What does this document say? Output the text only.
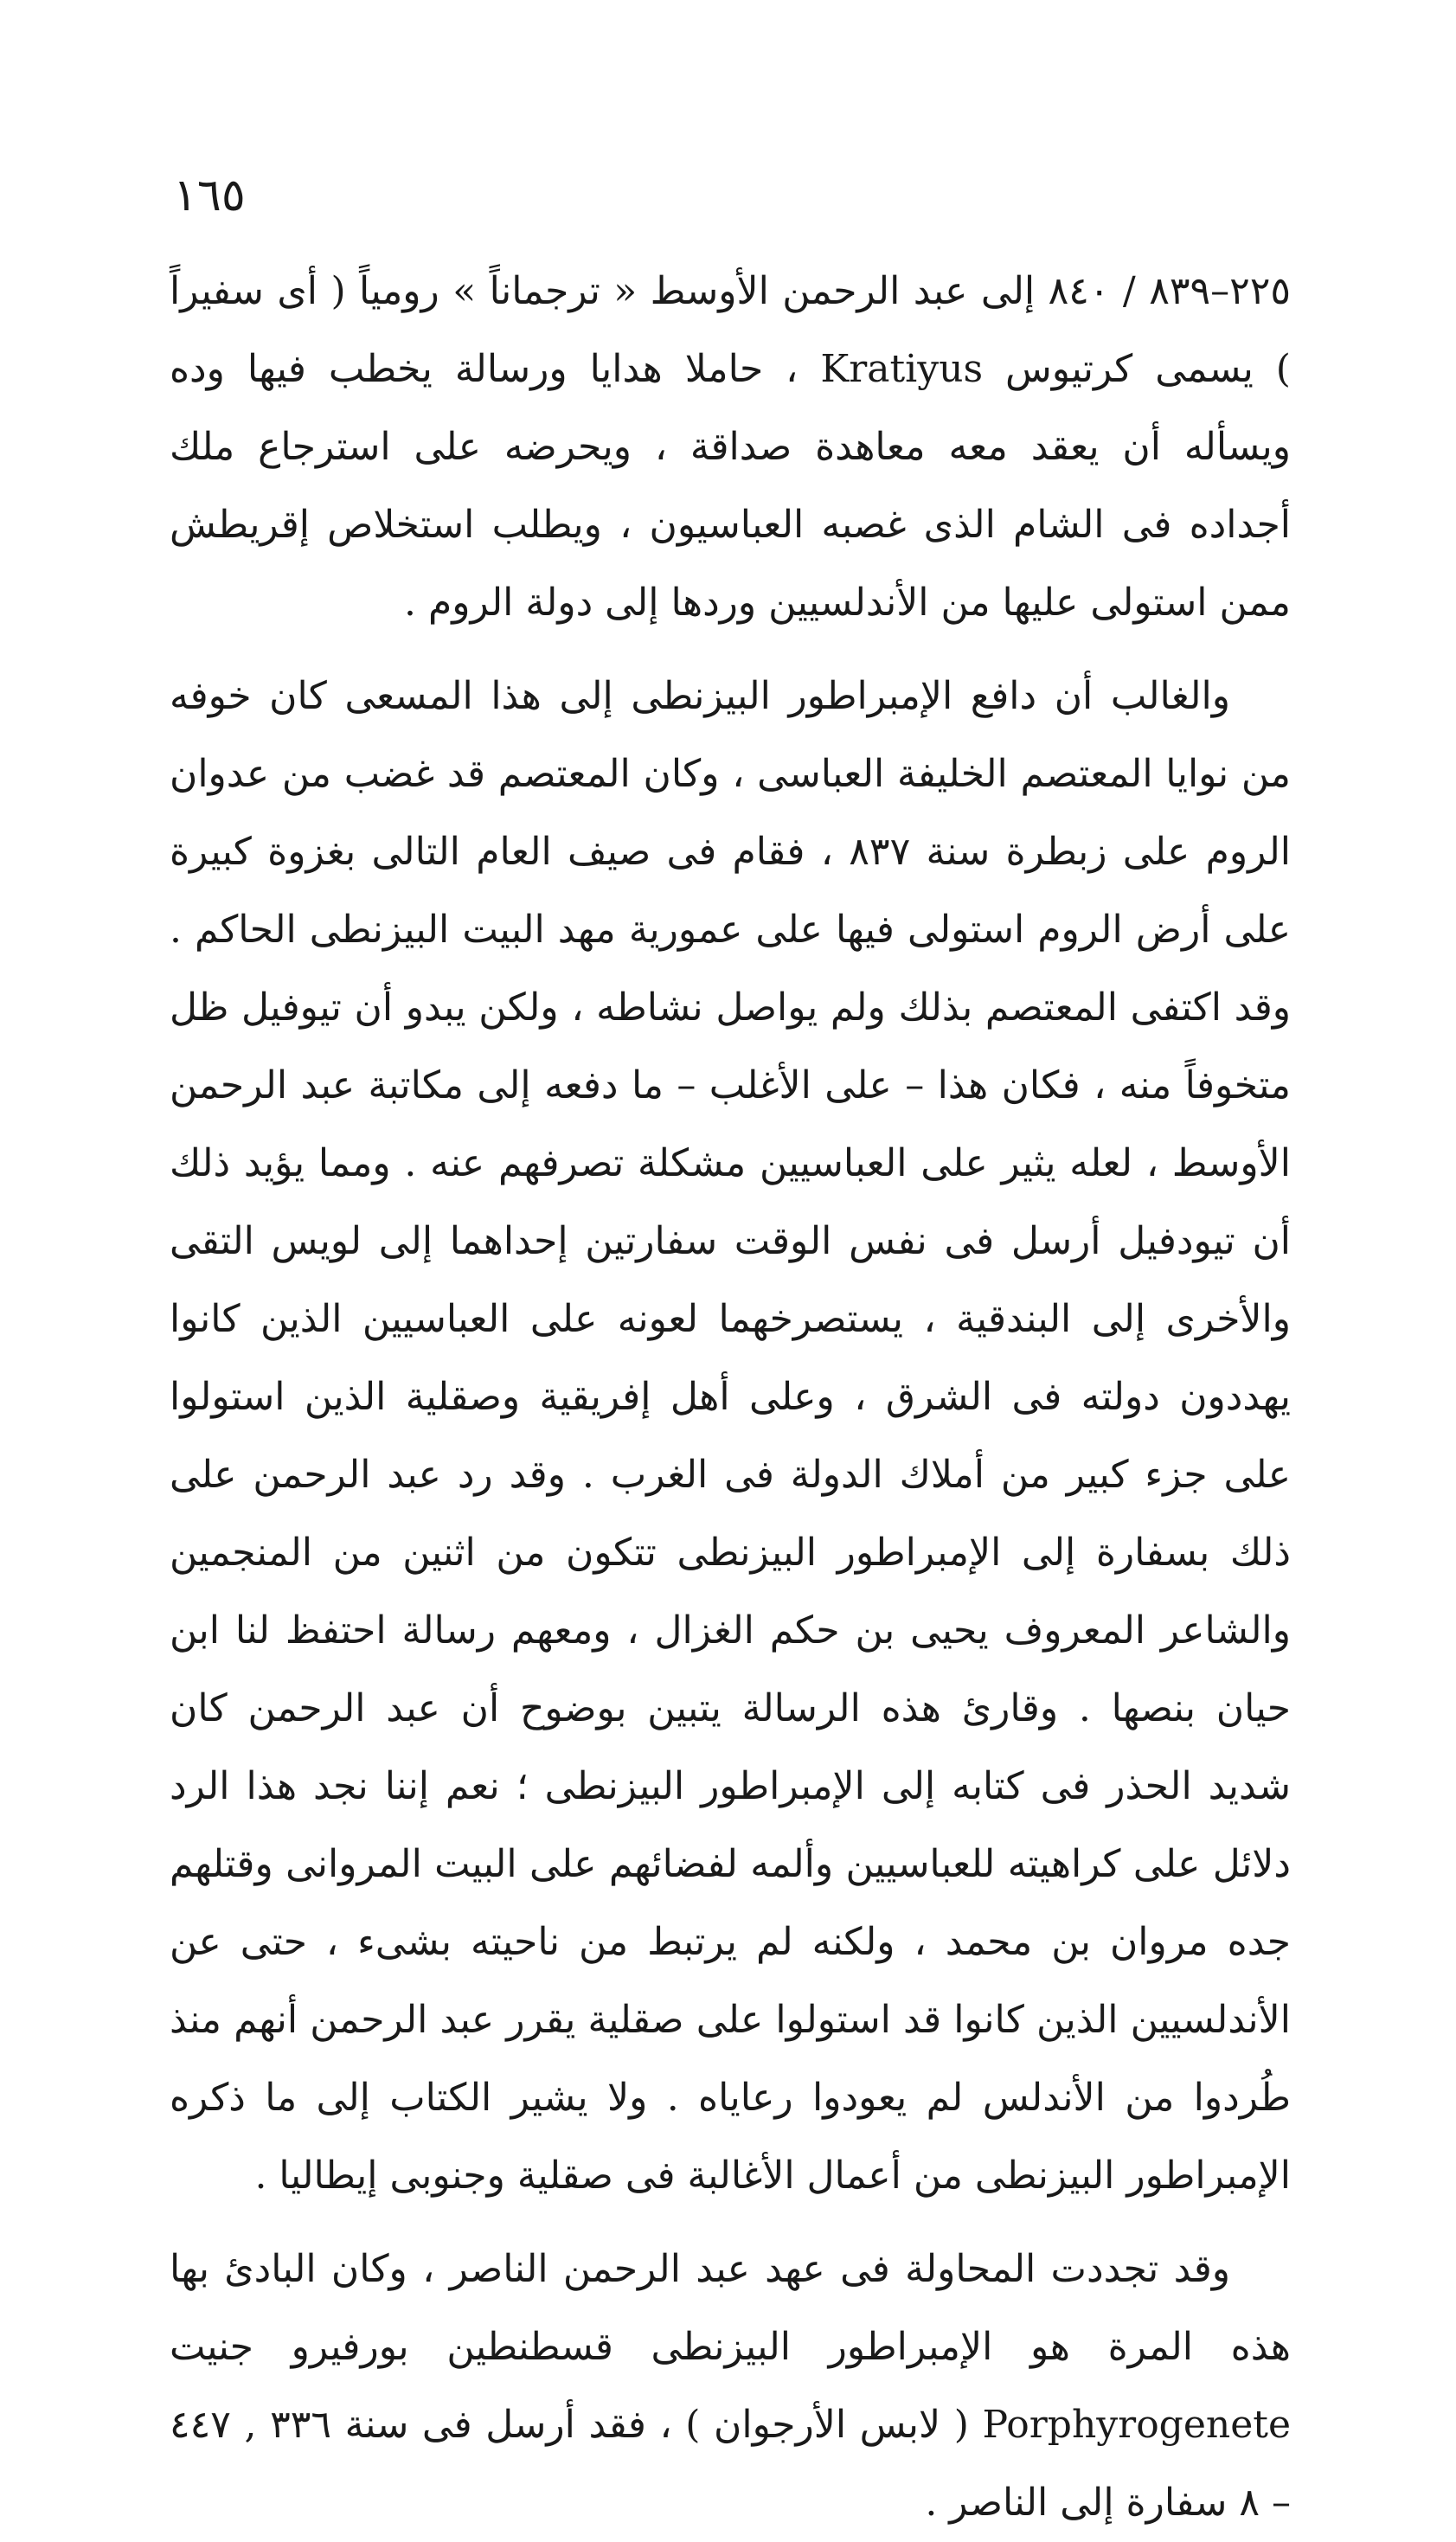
١٦٥

٢٢٥–٨٣٩ / ٨٤٠ إلى عبد الرحمن الأوسط « ترجماناً » رومياً ( أى سفيراً ) يسمى كرتيوس Kratiyus ، حاملا هدايا ورسالة يخطب فيها وده ويسأله أن يعقد معه معاهدة صداقة ، ويحرضه على استرجاع ملك أجداده فى الشام الذى غصبه العباسيون ، ويطلب استخلاص إقريطش ممن استولى عليها من الأندلسيين وردها إلى دولة الروم .

والغالب أن دافع الإمبراطور البيزنطى إلى هذا المسعى كان خوفه من نوايا المعتصم الخليفة العباسى ، وكان المعتصم قد غضب من عدوان الروم على زبطرة سنة ٨٣٧ ، فقام فى صيف العام التالى بغزوة كبيرة على أرض الروم استولى فيها على عمورية مهد البيت البيزنطى الحاكم . وقد اكتفى المعتصم بذلك ولم يواصل نشاطه ، ولكن يبدو أن تيوفيل ظل متخوفاً منه ، فكان هذا – على الأغلب – ما دفعه إلى مكاتبة عبد الرحمن الأوسط ، لعله يثير على العباسيين مشكلة تصرفهم عنه . ومما يؤيد ذلك أن تيودفيل أرسل فى نفس الوقت سفارتين إحداهما إلى لويس التقى والأخرى إلى البندقية ، يستصرخهما لعونه على العباسيين الذين كانوا يهددون دولته فى الشرق ، وعلى أهل إفريقية وصقلية الذين استولوا على جزء كبير من أملاك الدولة فى الغرب . وقد رد عبد الرحمن على ذلك بسفارة إلى الإمبراطور البيزنطى تتكون من اثنين من المنجمين والشاعر المعروف يحيى بن حكم الغزال ، ومعهم رسالة احتفظ لنا ابن حيان بنصها . وقارئ هذه الرسالة يتبين بوضوح أن عبد الرحمن كان شديد الحذر فى كتابه إلى الإمبراطور البيزنطى ؛ نعم إننا نجد هذا الرد دلائل على كراهيته للعباسيين وألمه لفضائهم على البيت المروانى وقتلهم جده مروان بن محمد ، ولكنه لم يرتبط من ناحيته بشىء ، حتى عن الأندلسيين الذين كانوا قد استولوا على صقلية يقرر عبد الرحمن أنهم منذ طُردوا من الأندلس لم يعودوا رعاياه . ولا يشير الكتاب إلى ما ذكره الإمبراطور البيزنطى من أعمال الأغالبة فى صقلية وجنوبى إيطاليا .

وقد تجددت المحاولة فى عهد عبد الرحمن الناصر ، وكان البادئ بها هذه المرة هو الإمبراطور البيزنطى قسطنطين بورفيرو جنيت Porphyrogenete ( لابس الأرجوان ) ، فقد أرسل فى سنة ٣٣٦ , ٤٤٧ – ٨ سفارة إلى الناصر .
